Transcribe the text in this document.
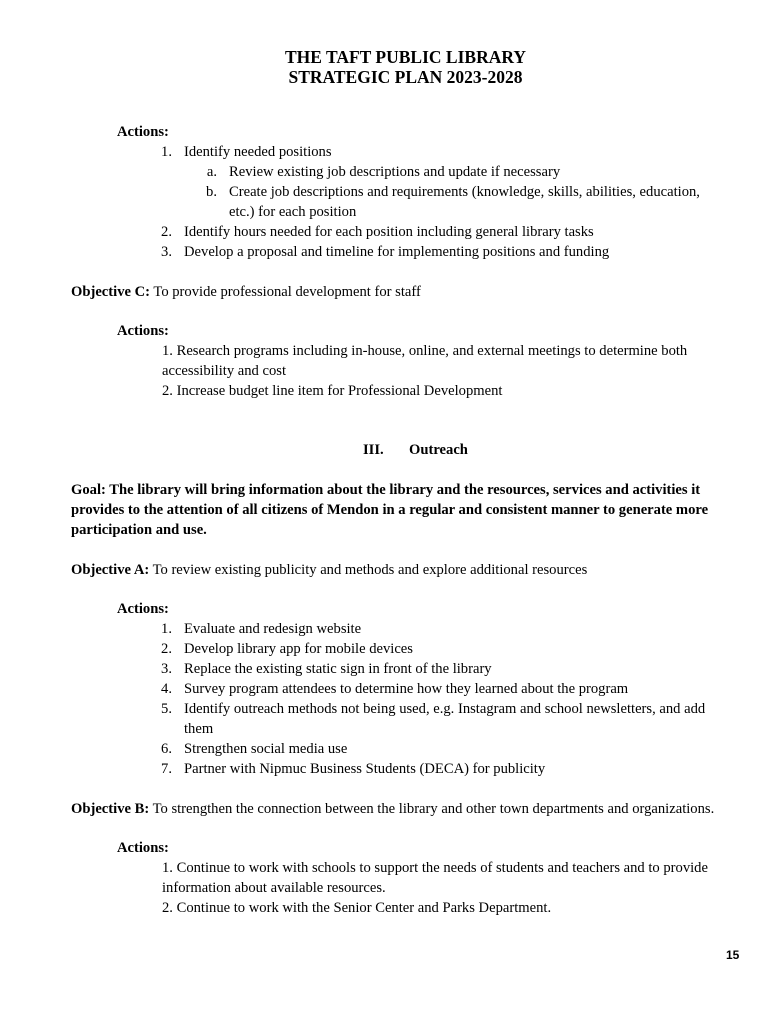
THE TAFT PUBLIC LIBRARY
STRATEGIC PLAN 2023-2028
Actions:
1. Identify needed positions
a. Review existing job descriptions and update if necessary
b. Create job descriptions and requirements (knowledge, skills, abilities, education,
etc.) for each position
2. Identify hours needed for each position including general library tasks
3. Develop a proposal and timeline for implementing positions and funding
Objective C: To provide professional development for staff
Actions:
1. Research programs including in-house, online, and external meetings to determine both
accessibility and cost
2. Increase budget line item for Professional Development
III. Outreach
Goal: The library will bring information about the library and the resources, services and activities it
provides to the attention of all citizens of Mendon in a regular and consistent manner to generate more
participation and use.
Objective A: To review existing publicity and methods and explore additional resources
Actions:
1. Evaluate and redesign website
2. Develop library app for mobile devices
3. Replace the existing static sign in front of the library
4. Survey program attendees to determine how they learned about the program
5. Identify outreach methods not being used, e.g. Instagram and school newsletters, and add
them
6. Strengthen social media use
7. Partner with Nipmuc Business Students (DECA) for publicity
Objective B: To strengthen the connection between the library and other town departments and organizations.
Actions:
1. Continue to work with schools to support the needs of students and teachers and to provide
information about available resources.
2. Continue to work with the Senior Center and Parks Department.
15
